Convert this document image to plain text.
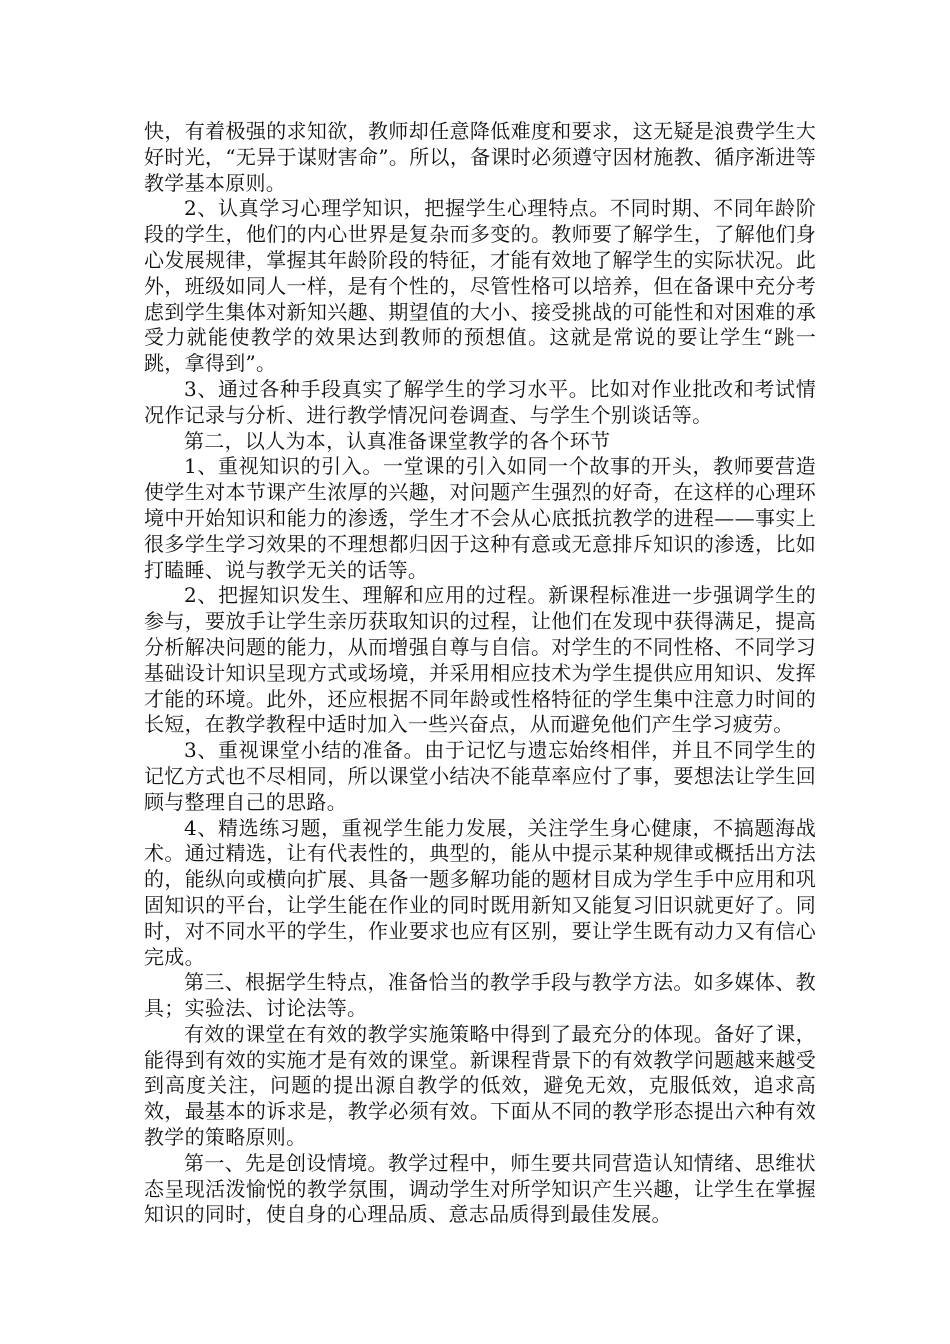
快，有着极强的求知欲，教师却任意降低难度和要求，这无疑是浪费学生大好时光，“无异于谋财害命”。所以，备课时必须遵守因材施教、循序渐进等教学基本原则。

2、认真学习心理学知识，把握学生心理特点。不同时期、不同年龄阶段的学生，他们的内心世界是复杂而多变的。教师要了解学生，了解他们身心发展规律，掌握其年龄阶段的特征，才能有效地了解学生的实际状况。此外，班级如同人一样，是有个性的，尽管性格可以培养，但在备课中充分考虑到学生集体对新知兴趣、期望值的大小、接受挑战的可能性和对困难的承受力就能使教学的效果达到教师的预想值。这就是常说的要让学生“跳一跳，拿得到”。

3、通过各种手段真实了解学生的学习水平。比如对作业批改和考试情况作记录与分析、进行教学情况问卷调查、与学生个别谈话等。

第二，以人为本，认真准备课堂教学的各个环节

1、重视知识的引入。一堂课的引入如同一个故事的开头，教师要营造使学生对本节课产生浓厚的兴趣，对问题产生强烈的好奇，在这样的心理环境中开始知识和能力的渗透，学生才不会从心底抵抗教学的进程——事实上很多学生学习效果的不理想都归因于这种有意或无意排斥知识的渗透，比如打瞌睡、说与教学无关的话等。

2、把握知识发生、理解和应用的过程。新课程标准进一步强调学生的参与，要放手让学生亲历获取知识的过程，让他们在发现中获得满足，提高分析解决问题的能力，从而增强自尊与自信。对学生的不同性格、不同学习基础设计知识呈现方式或场境，并采用相应技术为学生提供应用知识、发挥才能的环境。此外，还应根据不同年龄或性格特征的学生集中注意力时间的长短，在教学教程中适时加入一些兴奋点，从而避免他们产生学习疲劳。

3、重视课堂小结的准备。由于记忆与遗忘始终相伴，并且不同学生的记忆方式也不尽相同，所以课堂小结决不能草率应付了事，要想法让学生回顾与整理自己的思路。

4、精选练习题，重视学生能力发展，关注学生身心健康，不搞题海战术。通过精选，让有代表性的，典型的，能从中提示某种规律或概括出方法的，能纵向或横向扩展、具备一题多解功能的题材目成为学生手中应用和巩固知识的平台，让学生能在作业的同时既用新知又能复习旧识就更好了。同时，对不同水平的学生，作业要求也应有区别，要让学生既有动力又有信心完成。

第三、根据学生特点，准备恰当的教学手段与教学方法。如多媒体、教具；实验法、讨论法等。

有效的课堂在有效的教学实施策略中得到了最充分的体现。备好了课，能得到有效的实施才是有效的课堂。新课程背景下的有效教学问题越来越受到高度关注，问题的提出源自教学的低效，避免无效，克服低效，追求高效，最基本的诉求是，教学必须有效。下面从不同的教学形态提出六种有效教学的策略原则。

第一、先是创设情境。教学过程中，师生要共同营造认知情绪、思维状态呈现活泼愉悦的教学氛围，调动学生对所学知识产生兴趣，让学生在掌握知识的同时，使自身的心理品质、意志品质得到最佳发展。
